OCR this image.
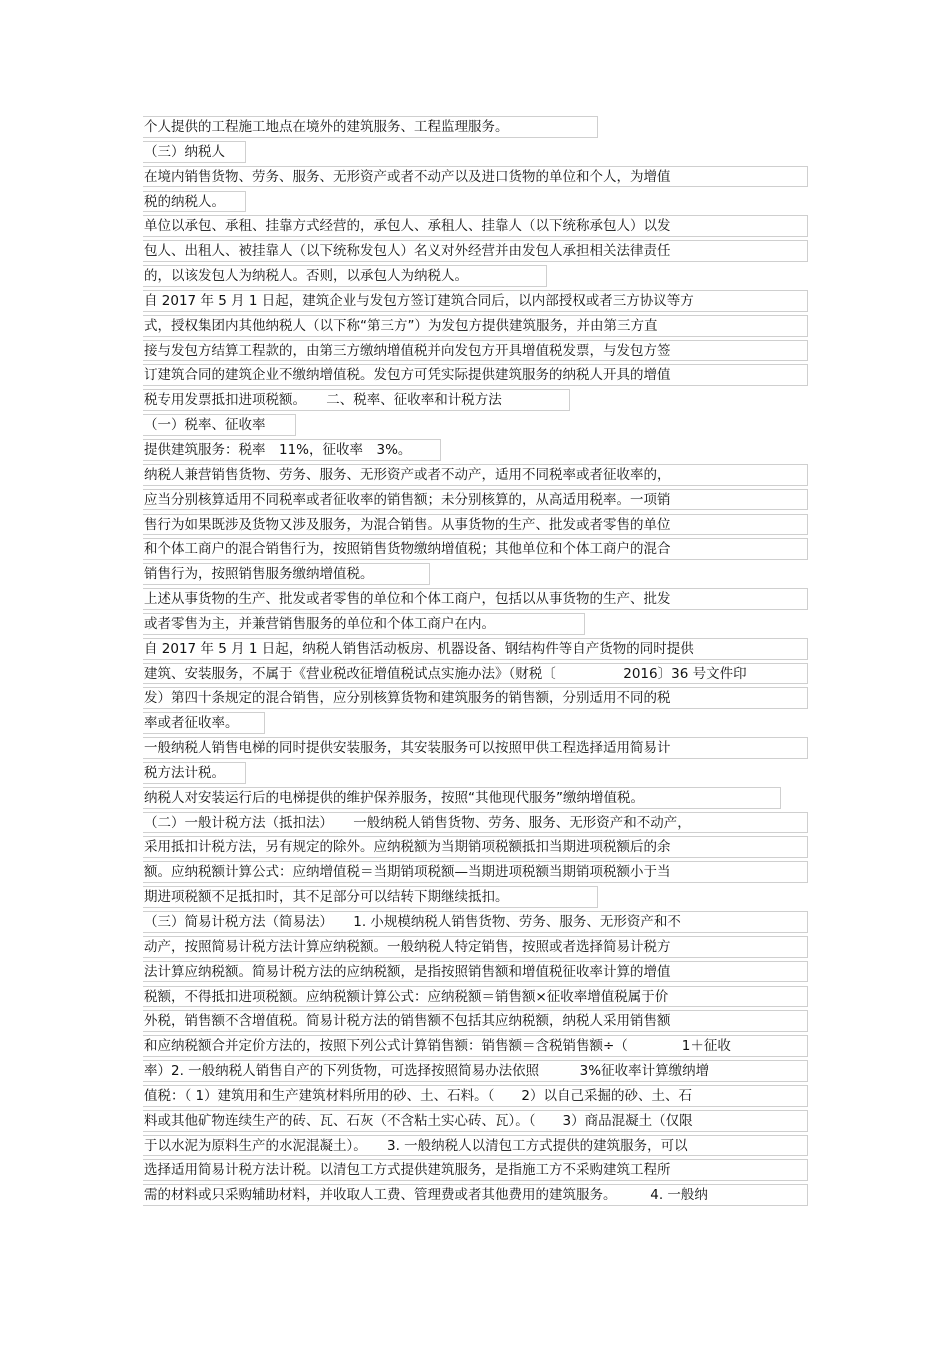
个人提供的工程施工地点在境外的建筑服务、工程监理服务。
（三）纳税人
在境内销售货物、劳务、服务、无形资产或者不动产以及进口货物的单位和个人，为增值
税的纳税人。
单位以承包、承租、挂靠方式经营的，承包人、承租人、挂靠人（以下统称承包人）以发
包人、出租人、被挂靠人（以下统称发包人）名义对外经营并由发包人承担相关法律责任
的，以该发包人为纳税人。否则，以承包人为纳税人。
自 2017 年 5 月 1 日起，建筑企业与发包方签订建筑合同后，以内部授权或者三方协议等方
式，授权集团内其他纳税人（以下称“第三方”）为发包方提供建筑服务，并由第三方直
接与发包方结算工程款的，由第三方缴纳增值税并向发包方开具增值税发票，与发包方签
订建筑合同的建筑企业不缴纳增值税。发包方可凭实际提供建筑服务的纳税人开具的增值
税专用发票抵扣进项税额。　　二、税率、征收率和计税方法
（一）税率、征收率
提供建筑服务：税率　11%，征收率　3%。
纳税人兼营销售货物、劳务、服务、无形资产或者不动产，适用不同税率或者征收率的，
应当分别核算适用不同税率或者征收率的销售额；未分别核算的，从高适用税率。一项销
售行为如果既涉及货物又涉及服务，为混合销售。从事货物的生产、批发或者零售的单位
和个体工商户的混合销售行为，按照销售货物缴纳增值税；其他单位和个体工商户的混合
销售行为，按照销售服务缴纳增值税。
上述从事货物的生产、批发或者零售的单位和个体工商户，包括以从事货物的生产、批发
或者零售为主，并兼营销售服务的单位和个体工商户在内。
自 2017 年 5 月 1 日起，纳税人销售活动板房、机器设备、钢结构件等自产货物的同时提供
建筑、安装服务，不属于《营业税改征增值税试点实施办法》（财税〔　　　　　2016〕36 号文件印
发）第四十条规定的混合销售，应分别核算货物和建筑服务的销售额，分别适用不同的税
率或者征收率。
一般纳税人销售电梯的同时提供安装服务，其安装服务可以按照甲供工程选择适用简易计
税方法计税。
纳税人对安装运行后的电梯提供的维护保养服务，按照“其他现代服务”缴纳增值税。
（二）一般计税方法（抵扣法）　　一般纳税人销售货物、劳务、服务、无形资产和不动产，
采用抵扣计税方法，另有规定的除外。应纳税额为当期销项税额抵扣当期进项税额后的余
额。应纳税额计算公式：应纳增值税＝当期销项税额—当期进项税额当期销项税额小于当
期进项税额不足抵扣时，其不足部分可以结转下期继续抵扣。
（三）简易计税方法（简易法）　　1. 小规模纳税人销售货物、劳务、服务、无形资产和不
动产，按照简易计税方法计算应纳税额。一般纳税人特定销售，按照或者选择简易计税方
法计算应纳税额。简易计税方法的应纳税额，是指按照销售额和增值税征收率计算的增值
税额，不得抵扣进项税额。应纳税额计算公式：应纳税额＝销售额×征收率增值税属于价
外税，销售额不含增值税。简易计税方法的销售额不包括其应纳税额，纳税人采用销售额
和应纳税额合并定价方法的，按照下列公式计算销售额：销售额＝含税销售额÷（　　　　1＋征收
率）2. 一般纳税人销售自产的下列货物，可选择按照简易办法依照　　　3%征收率计算缴纳增
值税：（ 1）建筑用和生产建筑材料所用的砂、土、石料。（　　2）以自己采掘的砂、土、石
料或其他矿物连续生产的砖、瓦、石灰（不含粘土实心砖、瓦）。（　　3）商品混凝土（仅限
于以水泥为原料生产的水泥混凝土）。　　3. 一般纳税人以清包工方式提供的建筑服务，可以
选择适用简易计税方法计税。以清包工方式提供建筑服务，是指施工方不采购建筑工程所
需的材料或只采购辅助材料，并收取人工费、管理费或者其他费用的建筑服务。　　　4. 一般纳
